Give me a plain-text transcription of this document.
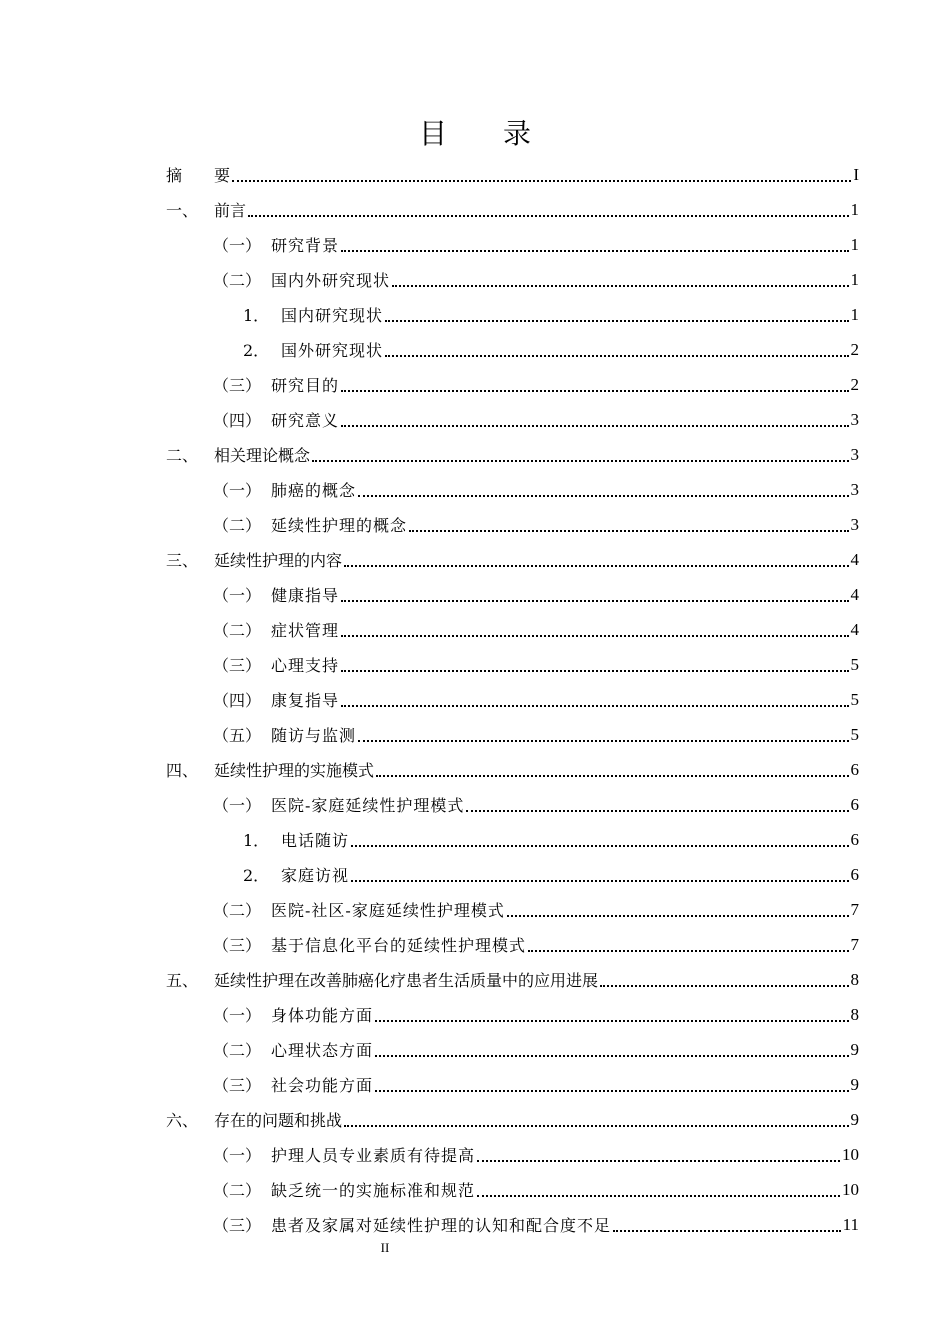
目 录
摘	要	I
一、 前言	1
（一） 研究背景	1
（二） 国内外研究现状	1
1． 国内研究现状	1
2． 国外研究现状	2
（三） 研究目的	2
（四） 研究意义	3
二、 相关理论概念	3
（一） 肺癌的概念	3
（二） 延续性护理的概念	3
三、 延续性护理的内容	4
（一） 健康指导	4
（二） 症状管理	4
（三） 心理支持	5
（四） 康复指导	5
（五） 随访与监测	5
四、 延续性护理的实施模式	6
（一） 医院-家庭延续性护理模式	6
1． 电话随访	6
2． 家庭访视	6
（二） 医院-社区-家庭延续性护理模式	7
（三） 基于信息化平台的延续性护理模式	7
五、 延续性护理在改善肺癌化疗患者生活质量中的应用进展	8
（一） 身体功能方面	8
（二） 心理状态方面	9
（三） 社会功能方面	9
六、 存在的问题和挑战	9
（一） 护理人员专业素质有待提高	10
（二） 缺乏统一的实施标准和规范	10
（三） 患者及家属对延续性护理的认知和配合度不足	11
II
